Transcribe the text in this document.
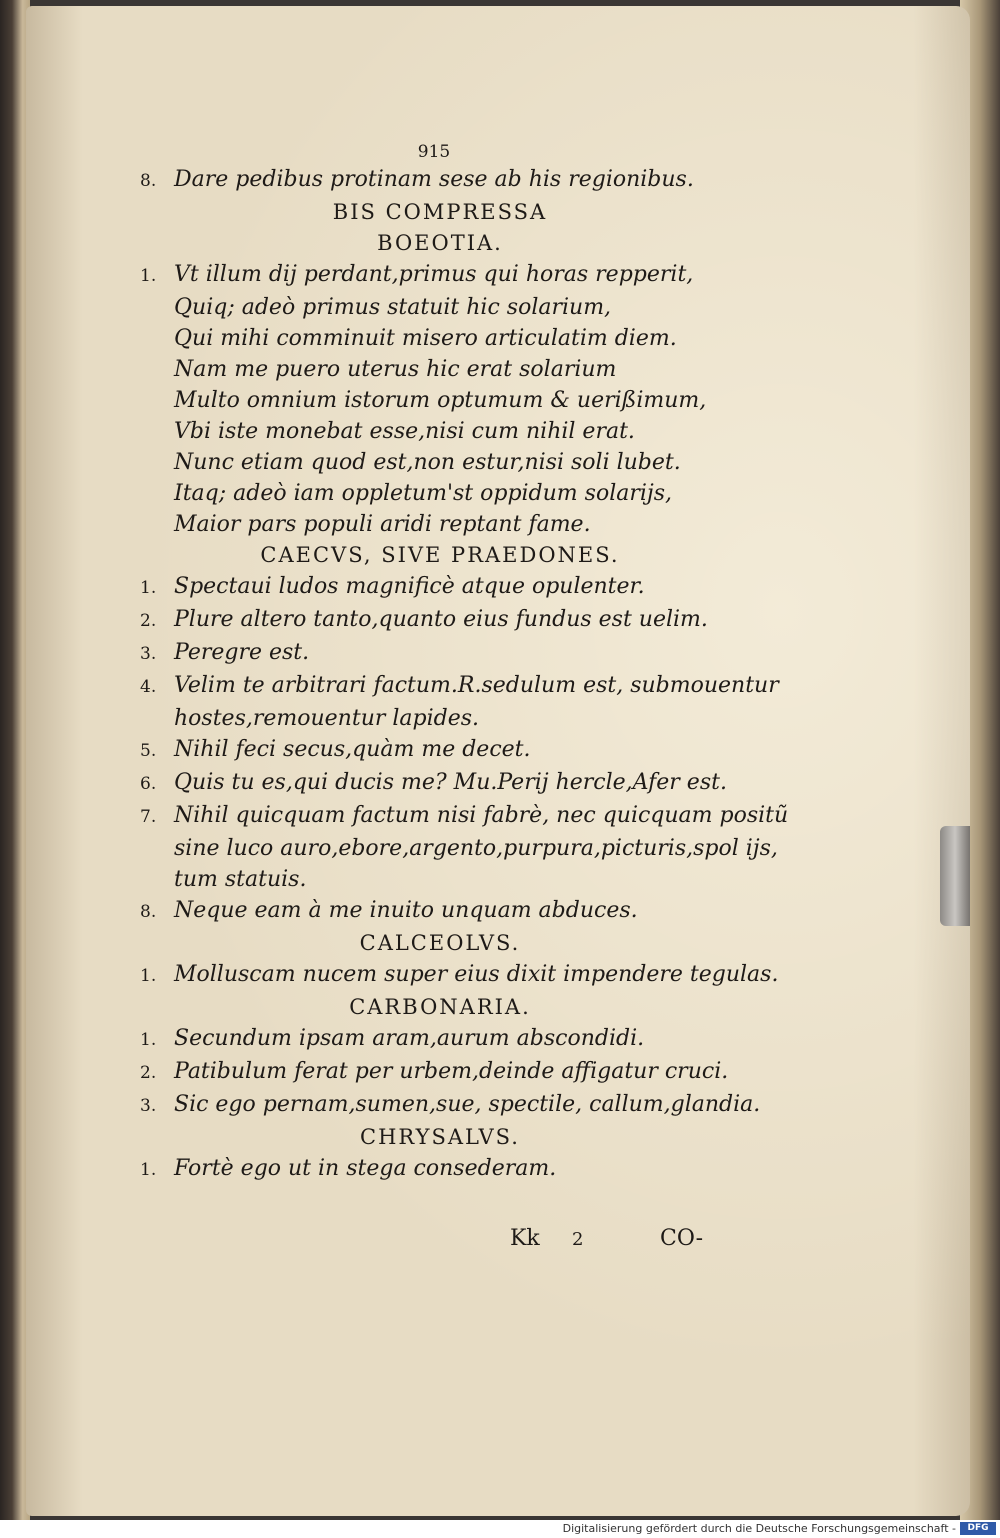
915
8. Dare pedibus protinam sese ab his regionibus.
BIS COMPRESSA
BOEOTIA.
1. Vt illum dij perdant,primus qui horas repperit,
Quiq; adeò primus statuit hic solarium,
Qui mihi comminuit misero articulatim diem.
Nam me puero uterus hic erat solarium
Multo omnium istorum optumum & uerißimum,
Vbi iste monebat esse,nisi cum nihil erat.
Nunc etiam quod est,non estur,nisi soli lubet.
Itaq; adeò iam oppletum'st oppidum solarijs,
Maior pars populi aridi reptant fame.
CAECVS, SIVE PRAEDONES.
1. Spectaui ludos magnificè atque opulenter.
2. Plure altero tanto,quanto eius fundus est uelim.
3. Peregre est.
4. Velim te arbitrari factum.R.sedulum est, submouentur
hostes,remouentur lapides.
5. Nihil feci secus,quàm me decet.
6. Quis tu es,qui ducis me? Mu.Perij hercle,Afer est.
7. Nihil quicquam factum nisi fabrè, nec quicquam positũ
sine luco auro,ebore,argento,purpura,picturis,spol ijs,
tum statuis.
8. Neque eam à me inuito unquam abduces.
CALCEOLVS.
1. Molluscam nucem super eius dixit impendere tegulas.
CARBONARIA.
1. Secundum ipsam aram,aurum abscondidi.
2. Patibulum ferat per urbem,deinde affigatur cruci.
3. Sic ego pernam,sumen,sue, spectile, callum,glandia.
CHRYSALVS.
1. Fortè ego ut in stega consederam.
Kk 2	CO-
Digitalisierung gefördert durch die Deutsche Forschungsgemeinschaft -	DFG
